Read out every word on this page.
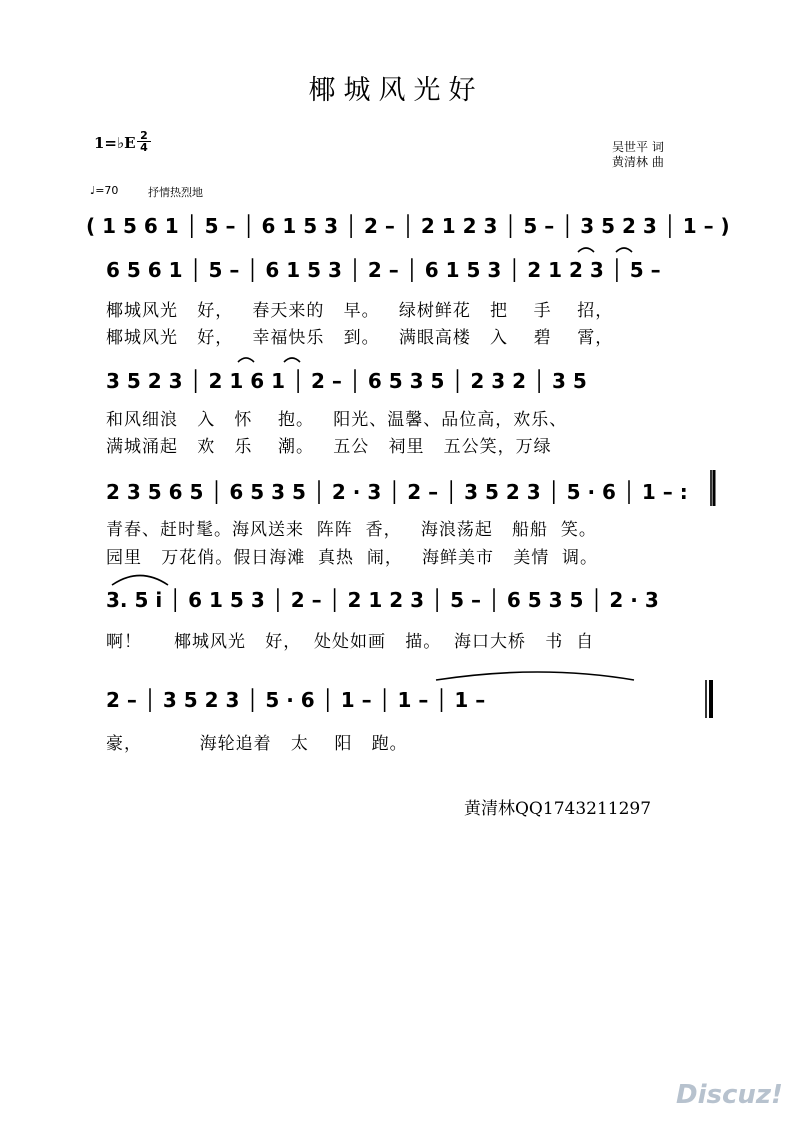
椰城风光好
1=♭E 2
4	吴世平 词
黄清林 曲
♩=70	抒情热烈地
( 1 5 6 1 │ 5 – │ 6 1 5 3 │ 2 – │ 2 1 2 3 │ 5 – │ 3 5 2 3 │ 1 – )
6 5 6 1 │ 5 – │ 6 1 5 3 │ 2 – │ 6 1 5 3 │ 2 1 2 3 │ 5 –
椰城风光   好，   春天来的   早。   绿树鲜花   把    手    招，
椰城风光   好，   幸福快乐   到。   满眼高楼   入    碧    霄，
3 5 2 3 │ 2 1 6 1 │ 2 – │ 6 5 3 5 │ 2 3 2 │ 3 5
和风细浪   入   怀    抱。   阳光、温馨、品位高，欢乐、
满城涌起   欢   乐    潮。   五公   祠里   五公笑，万绿
2 3 5 6 5 │ 6 5 3 5 │ 2 · 3 │ 2 – │ 3 5 2 3 │ 5 · 6 │ 1 – :
青春、赶时髦。海风送来  阵阵  香，   海浪荡起   船船  笑。
园里   万花俏。假日海滩  真热  闹，   海鲜美市   美情  调。
3. 5 i │ 6 1 5 3 │ 2 – │ 2 1 2 3 │ 5 – │ 6 5 3 5 │ 2 · 3
啊！     椰城风光   好，  处处如画   描。  海口大桥   书  自
2 – │ 3 5 2 3 │ 5 · 6 │ 1 – │ 1 – │ 1 –
豪，         海轮追着   太    阳   跑。
黄清林QQ1743211297
Discuz!
